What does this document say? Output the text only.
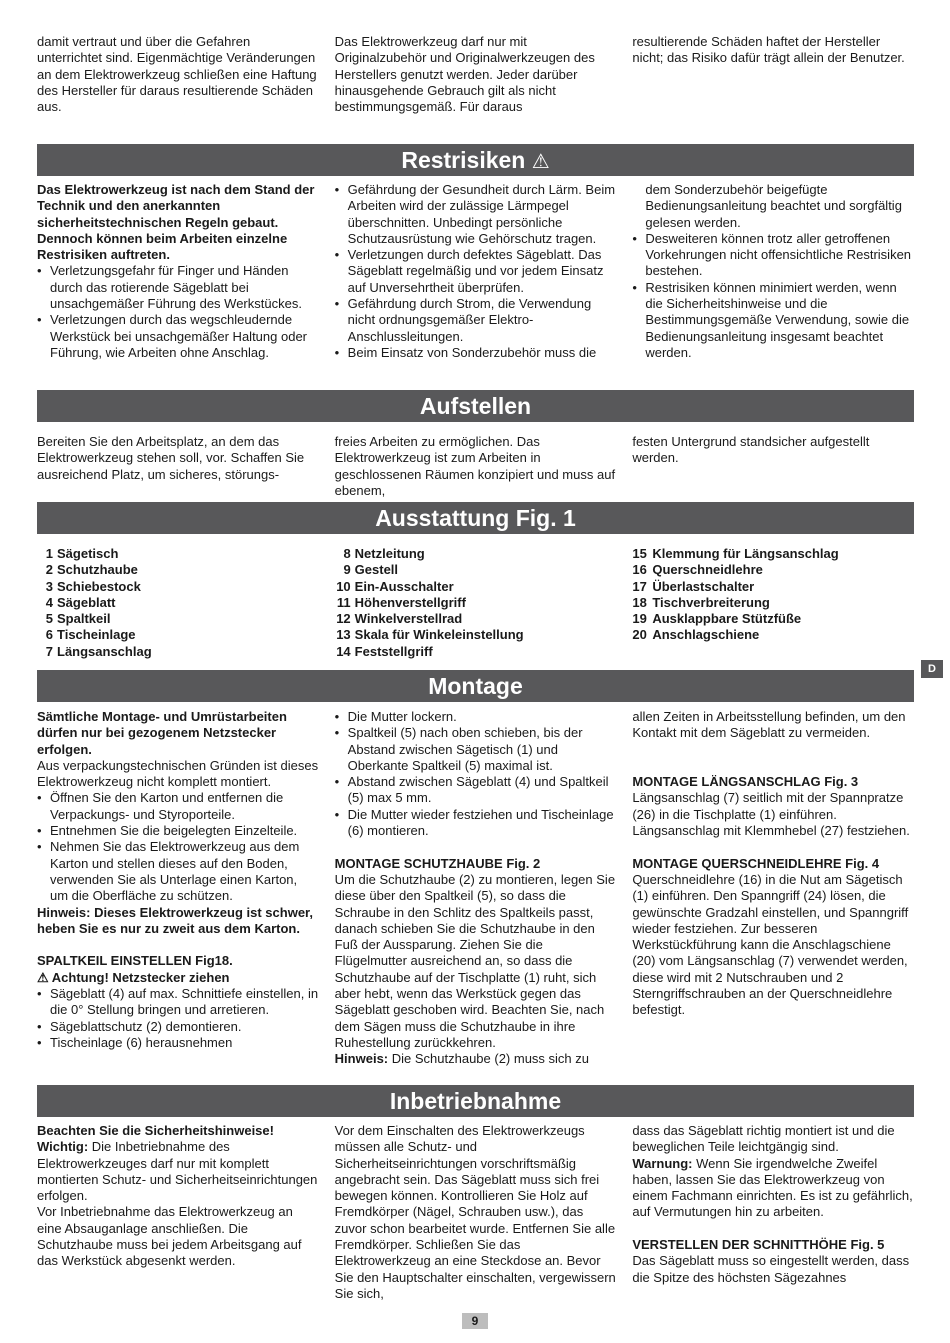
damit vertraut und über die Gefahren unterrichtet sind. Eigenmächtige Veränderungen an dem Elektrowerkzeug schließen eine Haftung des Hersteller für daraus resultierende Schäden aus.

Das Elektrowerkzeug darf nur mit Originalzubehör und Originalwerkzeugen des Herstellers genutzt werden. Jeder darüber hinausgehende Gebrauch gilt als nicht bestimmungsgemäß. Für daraus

resultierende Schäden haftet der Hersteller nicht; das Risiko dafür trägt allein der Benutzer.

Restrisiken ⚠

Das Elektrowerkzeug ist nach dem Stand der Technik und den anerkannten sicherheitstechnischen Regeln gebaut. Dennoch können beim Arbeiten einzelne Restrisiken auftreten.

• Verletzungsgefahr für Finger und Händen durch das rotierende Sägeblatt bei unsachgemäßer Führung des Werkstückes.

• Verletzungen durch das wegschleudernde Werkstück bei unsachgemäßer Haltung oder Führung, wie Arbeiten ohne Anschlag.

• Gefährdung der Gesundheit durch Lärm. Beim Arbeiten wird der zulässige Lärmpegel überschnitten. Unbedingt persönliche Schutzausrüstung wie Gehörschutz tragen.

• Verletzungen durch defektes Sägeblatt. Das Sägeblatt regelmäßig und vor jedem Einsatz auf Unversehrtheit überprüfen.

• Gefährdung durch Strom, die Verwendung nicht ordnungsgemäßer Elektro-Anschlussleitungen.

• Beim Einsatz von Sonderzubehör muss die

dem Sonderzubehör beigefügte Bedienungsanleitung beachtet und sorgfältig gelesen werden.

• Desweiteren können trotz aller getroffenen Vorkehrungen nicht offensichtliche Restrisiken bestehen.

• Restrisiken können minimiert werden, wenn die Sicherheitshinweise und die Bestimmungsgemäße Verwendung, sowie die Bedienungsanleitung insgesamt beachtet werden.

Aufstellen

Bereiten Sie den Arbeitsplatz, an dem das Elektrowerkzeug stehen soll, vor. Schaffen Sie ausreichend Platz, um sicheres, störungs-

freies Arbeiten zu ermöglichen. Das Elektrowerkzeug ist zum Arbeiten in geschlossenen Räumen konzipiert und muss auf ebenem,

festen Untergrund standsicher aufgestellt werden.

Ausstattung Fig. 1
1 Sägetisch
2 Schutzhaube
3 Schiebestock
4 Sägeblatt
5 Spaltkeil
6 Tischeinlage
7 Längsanschlag
8 Netzleitung
9 Gestell
10 Ein-Ausschalter
11 Höhenverstellgriff
12 Winkelverstellrad
13 Skala für Winkeleinstellung
14 Feststellgriff
15 Klemmung für Längsanschlag
16 Querschneidlehre
17 Überlastschalter
18 Tischverbreiterung
19 Ausklappbare Stützfüße
20 Anschlagschiene
D
Montage

Sämtliche Montage- und Umrüstarbeiten dürfen nur bei gezogenem Netzstecker erfolgen.

Aus verpackungstechnischen Gründen ist dieses Elektrowerkzeug nicht komplett montiert.

• Öffnen Sie den Karton und entfernen die Verpackungs- und Styroporteile.

• Entnehmen Sie die beigelegten Einzelteile.

• Nehmen Sie das Elektrowerkzeug aus dem Karton und stellen dieses auf den Boden, verwenden Sie als Unterlage einen Karton, um die Oberfläche zu schützen.

Hinweis: Dieses Elektrowerkzeug ist schwer, heben Sie es nur zu zweit aus dem Karton.

SPALTKEIL EINSTELLEN Fig18.

⚠ Achtung! Netzstecker ziehen

• Sägeblatt (4) auf max. Schnittiefe einstellen, in die 0° Stellung bringen und arretieren.

• Sägeblattschutz (2) demontieren.

• Tischeinlage (6) herausnehmen

• Die Mutter lockern.

• Spaltkeil (5) nach oben schieben, bis der Abstand zwischen Sägetisch (1) und Oberkante Spaltkeil (5) maximal ist.

• Abstand zwischen Sägeblatt (4) und Spaltkeil (5) max 5 mm.

• Die Mutter wieder festziehen und Tischeinlage (6) montieren.

MONTAGE SCHUTZHAUBE Fig. 2

Um die Schutzhaube (2) zu montieren, legen Sie diese über den Spaltkeil (5), so dass die Schraube in den Schlitz des Spaltkeils passt, danach schieben Sie die Schutzhaube in den Fuß der Aussparung. Ziehen Sie die Flügelmutter ausreichend an, so dass die Schutzhaube auf der Tischplatte (1) ruht, sich aber hebt, wenn das Werkstück gegen das Sägeblatt geschoben wird. Beachten Sie, nach dem Sägen muss die Schutzhaube in ihre Ruhestellung zurückkehren.

Hinweis: Die Schutzhaube (2) muss sich zu

allen Zeiten in Arbeitsstellung befinden, um den Kontakt mit dem Sägeblatt zu vermeiden.

MONTAGE LÄNGSANSCHLAG Fig. 3

Längsanschlag (7) seitlich mit der Spannpratze (26) in die Tischplatte (1) einführen. Längsanschlag mit Klemmhebel (27) festziehen.

MONTAGE QUERSCHNEIDLEHRE Fig. 4

Querschneidlehre (16) in die Nut am Sägetisch (1) einführen. Den Spanngriff (24) lösen, die gewünschte Gradzahl einstellen, und Spanngriff wieder festziehen. Zur besseren Werkstückführung kann die Anschlagschiene (20) vom Längsanschlag (7) verwendet werden, diese wird mit 2 Nutschrauben und 2 Sterngriffschrauben an der Querschneidlehre befestigt.

Inbetriebnahme

Beachten Sie die Sicherheitshinweise!

Wichtig: Die Inbetriebnahme des Elektrowerkzeuges darf nur mit komplett montierten Schutz- und Sicherheitseinrichtungen erfolgen.

Vor Inbetriebnahme das Elektrowerkzeug an eine Absauganlage anschließen. Die Schutzhaube muss bei jedem Arbeitsgang auf das Werkstück abgesenkt werden.

Vor dem Einschalten des Elektrowerkzeugs müssen alle Schutz- und Sicherheitseinrichtungen vorschriftsmäßig angebracht sein. Das Sägeblatt muss sich frei bewegen können. Kontrollieren Sie Holz auf Fremdkörper (Nägel, Schrauben usw.), das zuvor schon bearbeitet wurde. Entfernen Sie alle Fremdkörper. Schließen Sie das Elektrowerkzeug an eine Steckdose an. Bevor Sie den Hauptschalter einschalten, vergewissern Sie sich,

dass das Sägeblatt richtig montiert ist und die beweglichen Teile leichtgängig sind.

Warnung: Wenn Sie irgendwelche Zweifel haben, lassen Sie das Elektrowerkzeug von einem Fachmann einrichten. Es ist zu gefährlich, auf Vermutungen hin zu arbeiten.

VERSTELLEN DER SCHNITTHÖHE Fig. 5

Das Sägeblatt muss so eingestellt werden, dass die Spitze des höchsten Sägezahnes

9
